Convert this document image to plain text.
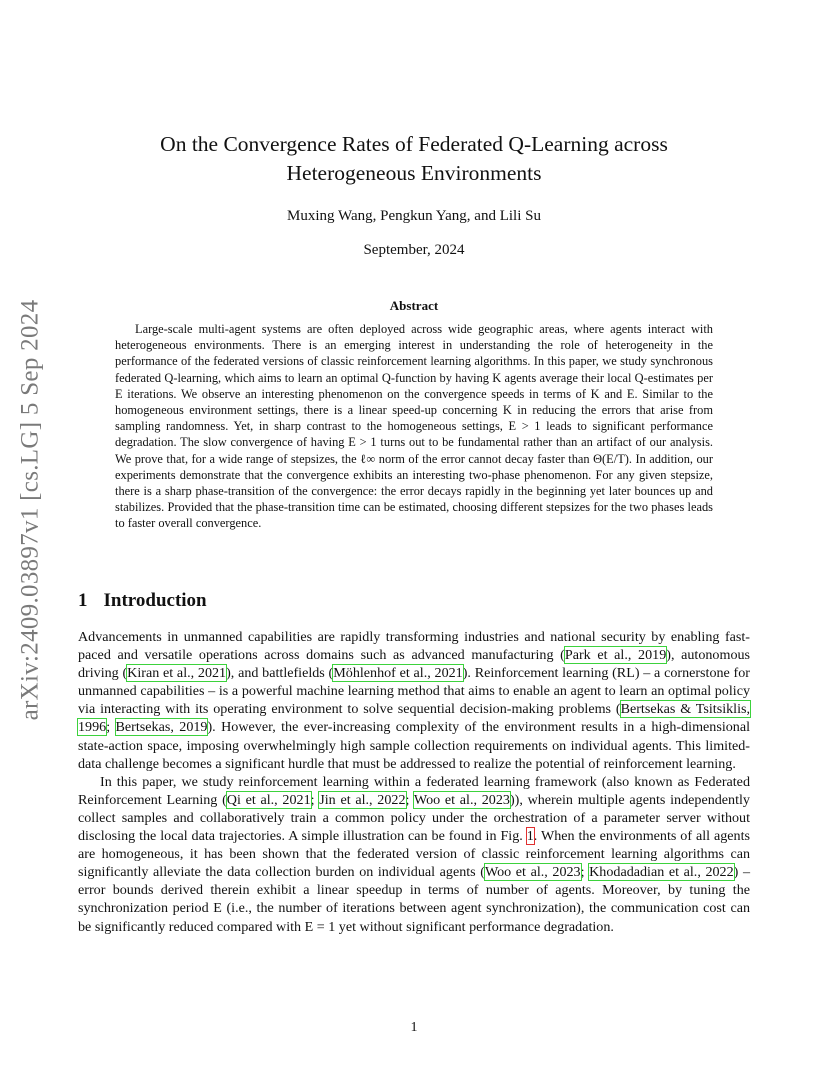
arXiv:2409.03897v1 [cs.LG] 5 Sep 2024
On the Convergence Rates of Federated Q-Learning across
Heterogeneous Environments
Muxing Wang, Pengkun Yang, and Lili Su
September, 2024
Abstract
Large-scale multi-agent systems are often deployed across wide geographic areas, where agents interact with heterogeneous environments. There is an emerging interest in understanding the role of heterogeneity in the performance of the federated versions of classic reinforcement learning algorithms. In this paper, we study synchronous federated Q-learning, which aims to learn an optimal Q-function by having K agents average their local Q-estimates per E iterations. We observe an interesting phenomenon on the convergence speeds in terms of K and E. Similar to the homogeneous environment settings, there is a linear speed-up concerning K in reducing the errors that arise from sampling randomness. Yet, in sharp contrast to the homogeneous settings, E > 1 leads to significant performance degradation. The slow convergence of having E > 1 turns out to be fundamental rather than an artifact of our analysis. We prove that, for a wide range of stepsizes, the ℓ∞ norm of the error cannot decay faster than Θ(E/T). In addition, our experiments demonstrate that the convergence exhibits an interesting two-phase phenomenon. For any given stepsize, there is a sharp phase-transition of the convergence: the error decays rapidly in the beginning yet later bounces up and stabilizes. Provided that the phase-transition time can be estimated, choosing different stepsizes for the two phases leads to faster overall convergence.
1 Introduction

Advancements in unmanned capabilities are rapidly transforming industries and national security by enabling fast-paced and versatile operations across domains such as advanced manufacturing (Park et al., 2019), autonomous driving (Kiran et al., 2021), and battlefields (Möhlenhof et al., 2021). Reinforcement learning (RL) – a cornerstone for unmanned capabilities – is a powerful machine learning method that aims to enable an agent to learn an optimal policy via interacting with its operating environment to solve sequential decision-making problems (Bertsekas & Tsitsiklis, 1996; Bertsekas, 2019). However, the ever-increasing complexity of the environment results in a high-dimensional state-action space, imposing overwhelmingly high sample collection requirements on individual agents. This limited-data challenge becomes a significant hurdle that must be addressed to realize the potential of reinforcement learning.

In this paper, we study reinforcement learning within a federated learning framework (also known as Federated Reinforcement Learning (Qi et al., 2021; Jin et al., 2022; Woo et al., 2023)), wherein multiple agents independently collect samples and collaboratively train a common policy under the orchestration of a parameter server without disclosing the local data trajectories. A simple illustration can be found in Fig. 1. When the environments of all agents are homogeneous, it has been shown that the federated version of classic reinforcement learning algorithms can significantly alleviate the data collection burden on individual agents (Woo et al., 2023; Khodadadian et al., 2022) – error bounds derived therein exhibit a linear speedup in terms of number of agents. Moreover, by tuning the synchronization period E (i.e., the number of iterations between agent synchronization), the communication cost can be significantly reduced compared with E = 1 yet without significant performance degradation.

1
